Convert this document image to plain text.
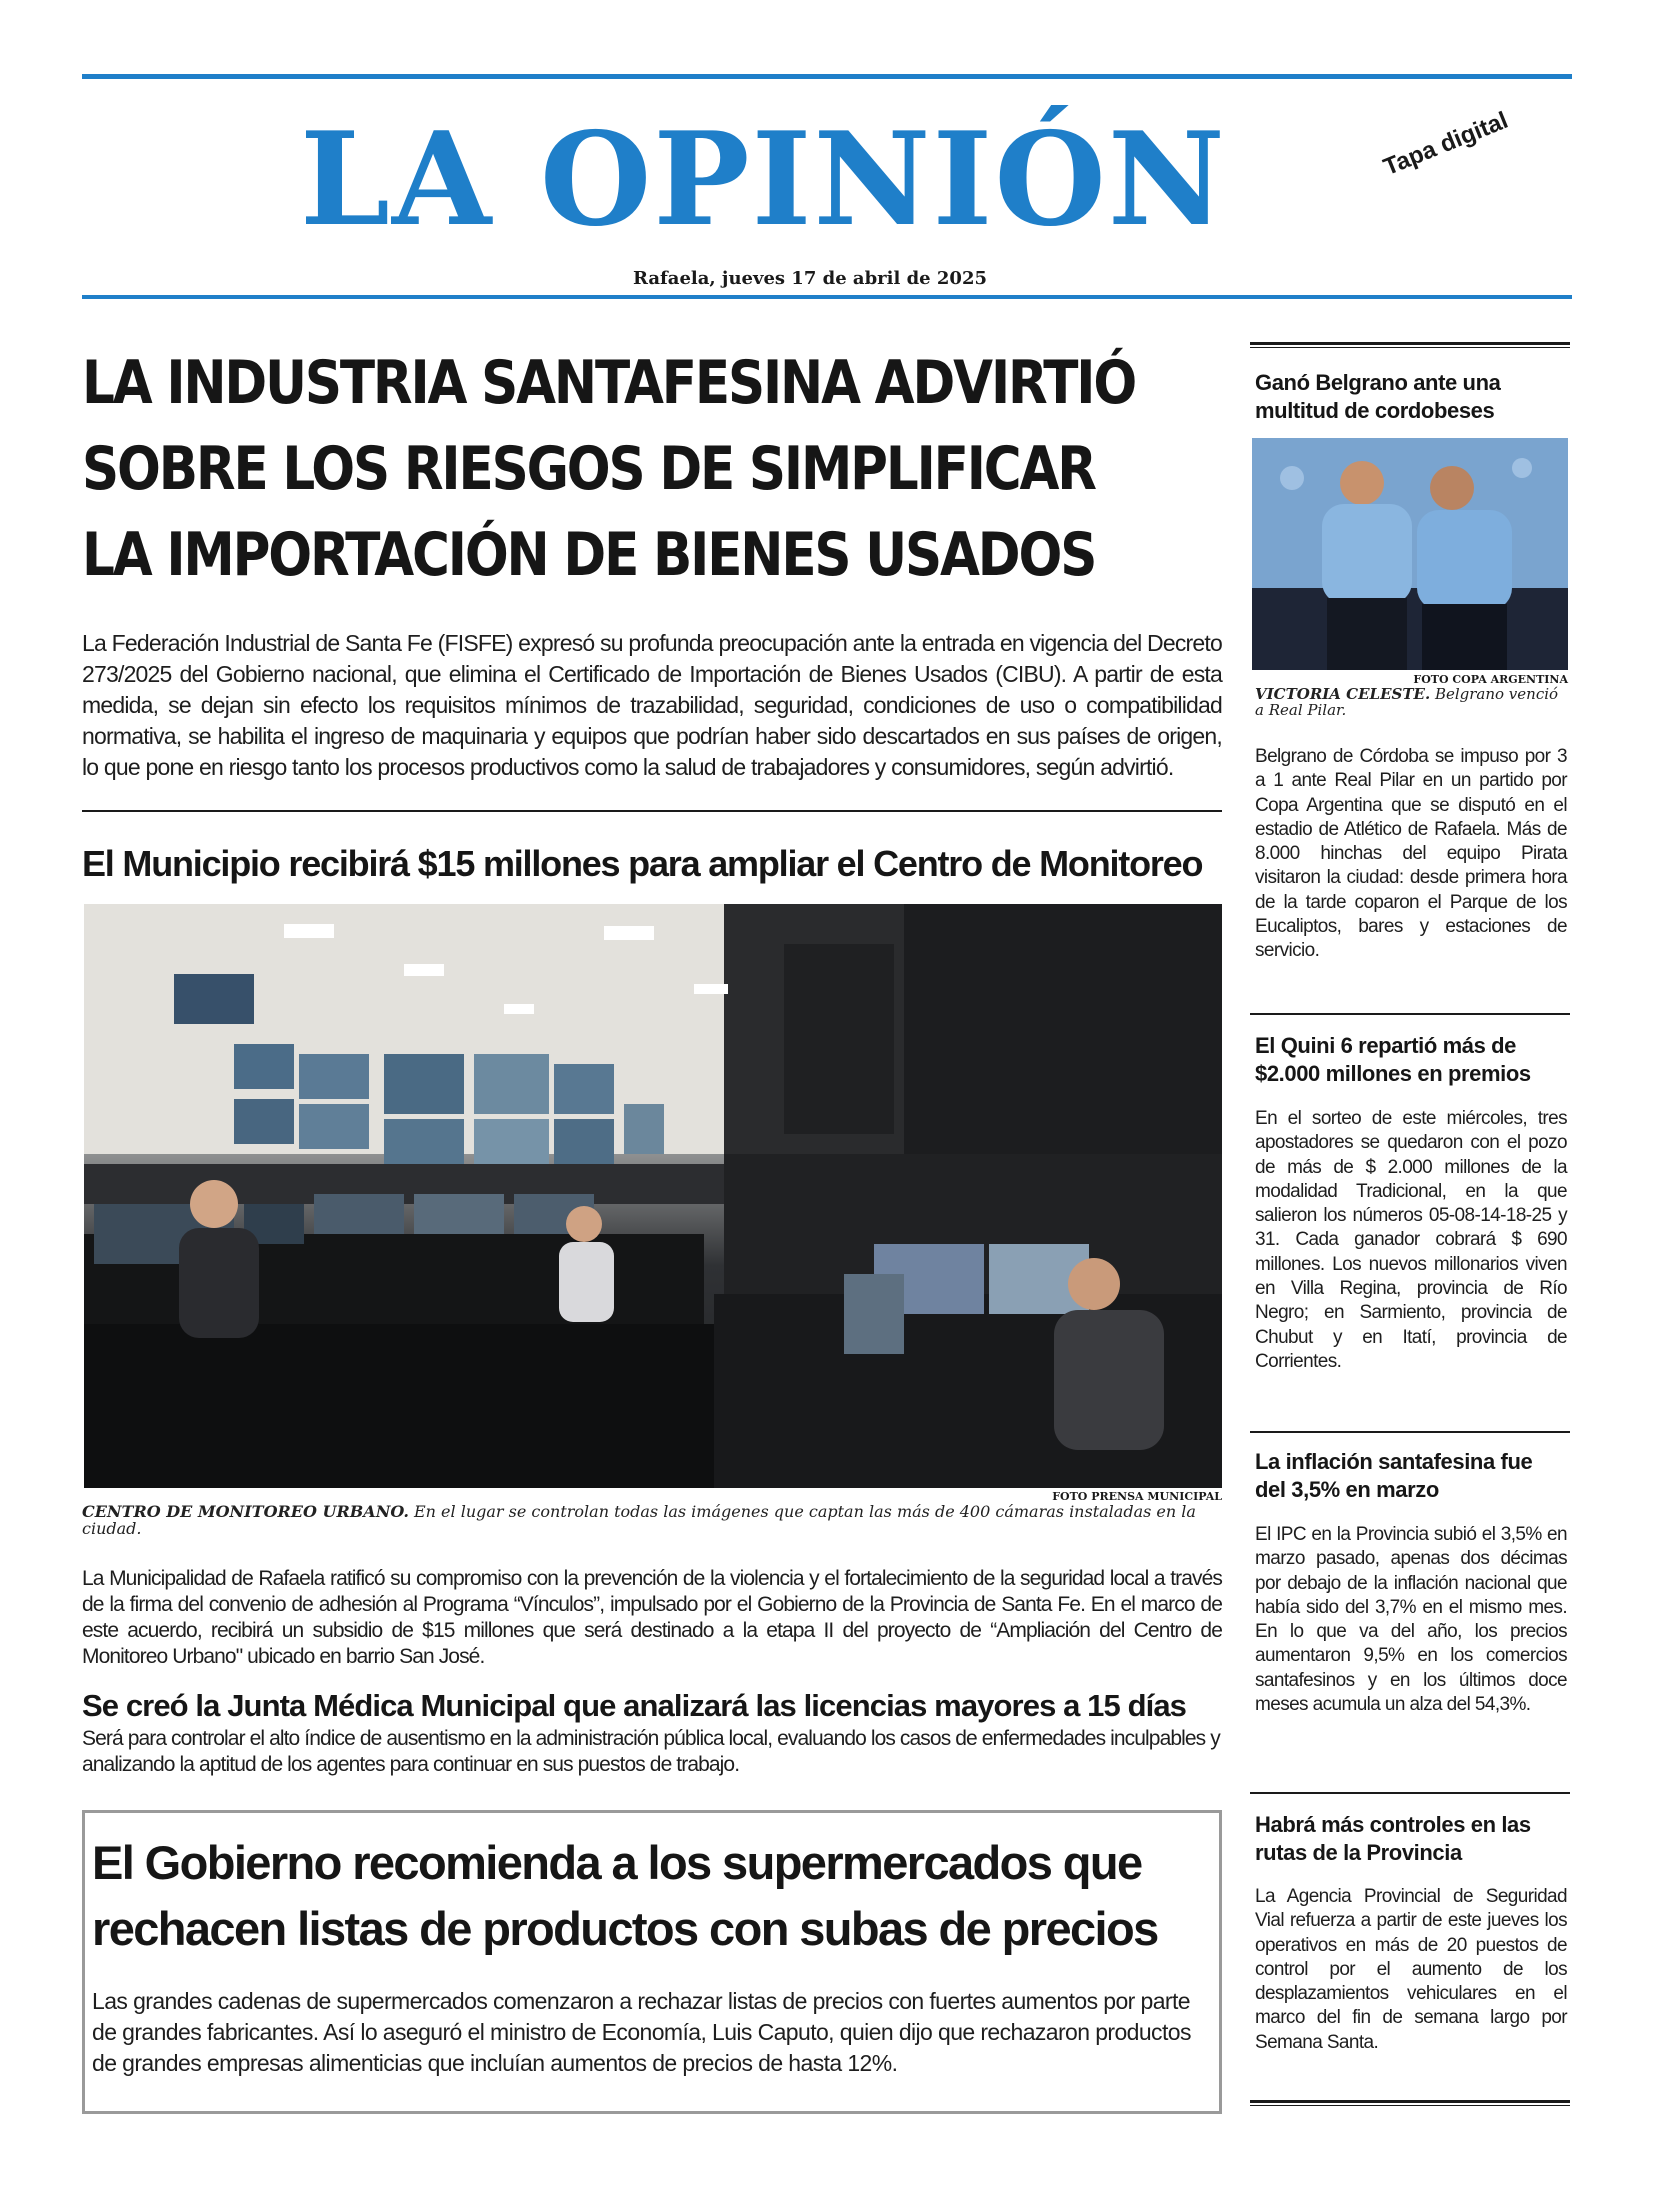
LA OPINIÓN	Tapa digital
Rafaela, jueves 17 de abril de 2025
LA INDUSTRIA SANTAFESINA ADVIRTIÓ
SOBRE LOS RIESGOS DE SIMPLIFICAR
LA IMPORTACIÓN DE BIENES USADOS
La Federación Industrial de Santa Fe (FISFE) expresó su profunda preocupación ante la entrada en vigencia del Decreto 273/2025 del Gobierno nacional, que elimina el Certificado de Importación de Bienes Usados (CIBU). A partir de esta medida, se dejan sin efecto los requisitos mínimos de trazabilidad, seguridad, condiciones de uso o compatibilidad normativa, se habilita el ingreso de maquinaria y equipos que podrían haber sido descartados en sus países de origen, lo que pone en riesgo tanto los procesos productivos como la salud de trabajadores y consumidores, según advirtió.
El Municipio recibirá $15 millones para ampliar el Centro de Monitoreo
FOTO PRENSA MUNICIPAL
CENTRO DE MONITOREO URBANO. En el lugar se controlan todas las imágenes que captan las más de 400 cámaras instaladas en la ciudad.
La Municipalidad de Rafaela ratificó su compromiso con la prevención de la violencia y el fortalecimiento de la seguridad local a través de la firma del convenio de adhesión al Programa “Vínculos”, impulsado por el Gobierno de la Provincia de Santa Fe. En el marco de este acuerdo, recibirá un subsidio de $15 millones que será destinado a la etapa II del proyecto de “Ampliación del Centro de Monitoreo Urbano" ubicado en barrio San José.
Se creó la Junta Médica Municipal que analizará las licencias mayores a 15 días
Será para controlar el alto índice de ausentismo en la administración pública local, evaluando los casos de enfermedades inculpables y analizando la aptitud de los agentes para continuar en sus puestos de trabajo.
El Gobierno recomienda a los supermercados que
rechacen listas de productos con subas de precios
Las grandes cadenas de supermercados comenzaron a rechazar listas de precios con fuertes aumentos por parte de grandes fabricantes. Así lo aseguró el ministro de Economía, Luis Caputo, quien dijo que rechazaron productos de grandes empresas alimenticias que incluían aumentos de precios de hasta 12%.
Ganó Belgrano ante una multitud de cordobeses
FOTO COPA ARGENTINA
VICTORIA CELESTE. Belgrano venció a Real Pilar.
Belgrano de Córdoba se impuso por 3 a 1 ante Real Pilar en un partido por Copa Argentina que se disputó en el estadio de Atlético de Rafaela. Más de 8.000 hinchas del equipo Pirata visitaron la ciudad: desde primera hora de la tarde coparon el Parque de los Eucaliptos, bares y estaciones de servicio.
El Quini 6 repartió más de $2.000 millones en premios
En el sorteo de este miércoles, tres apostadores se quedaron con el pozo de más de $ 2.000 millones de la modalidad Tradicional, en la que salieron los números 05-08-14-18-25 y 31. Cada ganador cobrará $ 690 millones. Los nuevos millonarios viven en Villa Regina, provincia de Río Negro; en Sarmiento, provincia de Chubut y en Itatí, provincia de Corrientes.
La inflación santafesina fue del 3,5% en marzo
El IPC en la Provincia subió el 3,5% en marzo pasado, apenas dos décimas por debajo de la inflación nacional que había sido del 3,7% en el mismo mes. En lo que va del año, los precios aumentaron 9,5% en los comercios santafesinos y en los últimos doce meses acumula un alza del 54,3%.
Habrá más controles en las rutas de la Provincia
La Agencia Provincial de Seguridad Vial refuerza a partir de este jueves los operativos en más de 20 puestos de control por el aumento de los desplazamientos vehiculares en el marco del fin de semana largo por Semana Santa.
